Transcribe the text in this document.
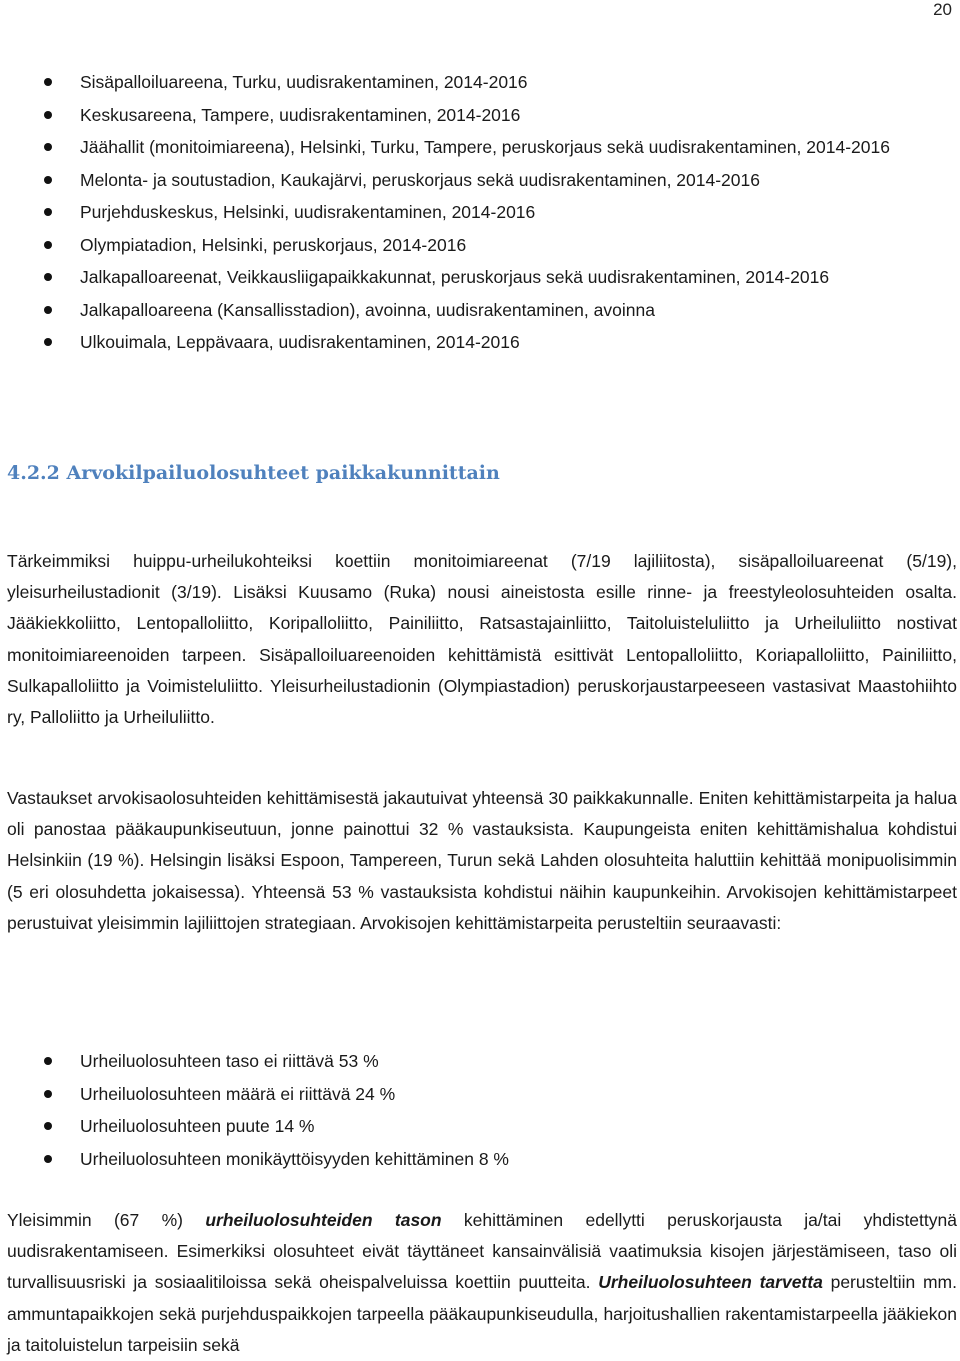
20
Sisäpalloiluareena, Turku, uudisrakentaminen, 2014-2016
Keskusareena, Tampere, uudisrakentaminen, 2014-2016
Jäähallit (monitoimiareena), Helsinki, Turku, Tampere, peruskorjaus sekä uudisrakentaminen, 2014-2016
Melonta- ja soutustadion, Kaukajärvi, peruskorjaus sekä uudisrakentaminen, 2014-2016
Purjehduskeskus, Helsinki, uudisrakentaminen, 2014-2016
Olympiatadion, Helsinki, peruskorjaus, 2014-2016
Jalkapalloareenat, Veikkausliigapaikkakunnat, peruskorjaus sekä uudisrakentaminen, 2014-2016
Jalkapalloareena (Kansallisstadion), avoinna, uudisrakentaminen, avoinna
Ulkouimala, Leppävaara, uudisrakentaminen, 2014-2016
4.2.2 Arvokilpailuolosuhteet paikkakunnittain

Tärkeimmiksi huippu-urheilukohteiksi koettiin monitoimiareenat (7/19 lajiliitosta), sisäpalloiluareenat (5/19), yleisurheilustadionit (3/19). Lisäksi Kuusamo (Ruka) nousi aineistosta esille rinne- ja freestyleolosuhteiden osalta. Jääkiekkoliitto, Lentopalloliitto, Koripalloliitto, Painiliitto, Ratsastajainliitto, Taitoluisteluliitto ja Urheiluliitto nostivat monitoimiareenoiden tarpeen. Sisäpalloiluareenoiden kehittämistä esittivät Lentopalloliitto, Koriapalloliitto, Painiliitto, Sulkapalloliitto ja Voimisteluliitto. Yleisurheilustadionin (Olympiastadion) peruskorjaustarpeeseen vastasivat Maastohiihto ry, Palloliitto ja Urheiluliitto.

Vastaukset arvokisaolosuhteiden kehittämisestä jakautuivat yhteensä 30 paikkakunnalle. Eniten kehittämistarpeita ja halua oli panostaa pääkaupunkiseutuun, jonne painottui 32 % vastauksista. Kaupungeista eniten kehittämishalua kohdistui Helsinkiin (19 %). Helsingin lisäksi Espoon, Tampereen, Turun sekä Lahden olosuhteita haluttiin kehittää monipuolisimmin (5 eri olosuhdetta jokaisessa). Yhteensä 53 % vastauksista kohdistui näihin kaupunkeihin. Arvokisojen kehittämistarpeet perustuivat yleisimmin lajiliittojen strategiaan. Arvokisojen kehittämistarpeita perusteltiin seuraavasti:

Urheiluolosuhteen taso ei riittävä 53 %
Urheiluolosuhteen määrä ei riittävä 24 %
Urheiluolosuhteen puute 14 %
Urheiluolosuhteen monikäyttöisyyden kehittäminen 8 %

Yleisimmin (67 %) urheiluolosuhteiden tason kehittäminen edellytti peruskorjausta ja/tai yhdistettynä uudisrakentamiseen. Esimerkiksi olosuhteet eivät täyttäneet kansainvälisiä vaatimuksia kisojen järjestämiseen, taso oli turvallisuusriski ja sosiaalitiloissa sekä oheispalveluissa koettiin puutteita. Urheiluolosuhteen tarvetta perusteltiin mm. ammuntapaikkojen sekä purjehduspaikkojen tarpeella pääkaupunkiseudulla, harjoitushallien rakentamistarpeella jääkiekon ja taitoluistelun tarpeisiin sekä
